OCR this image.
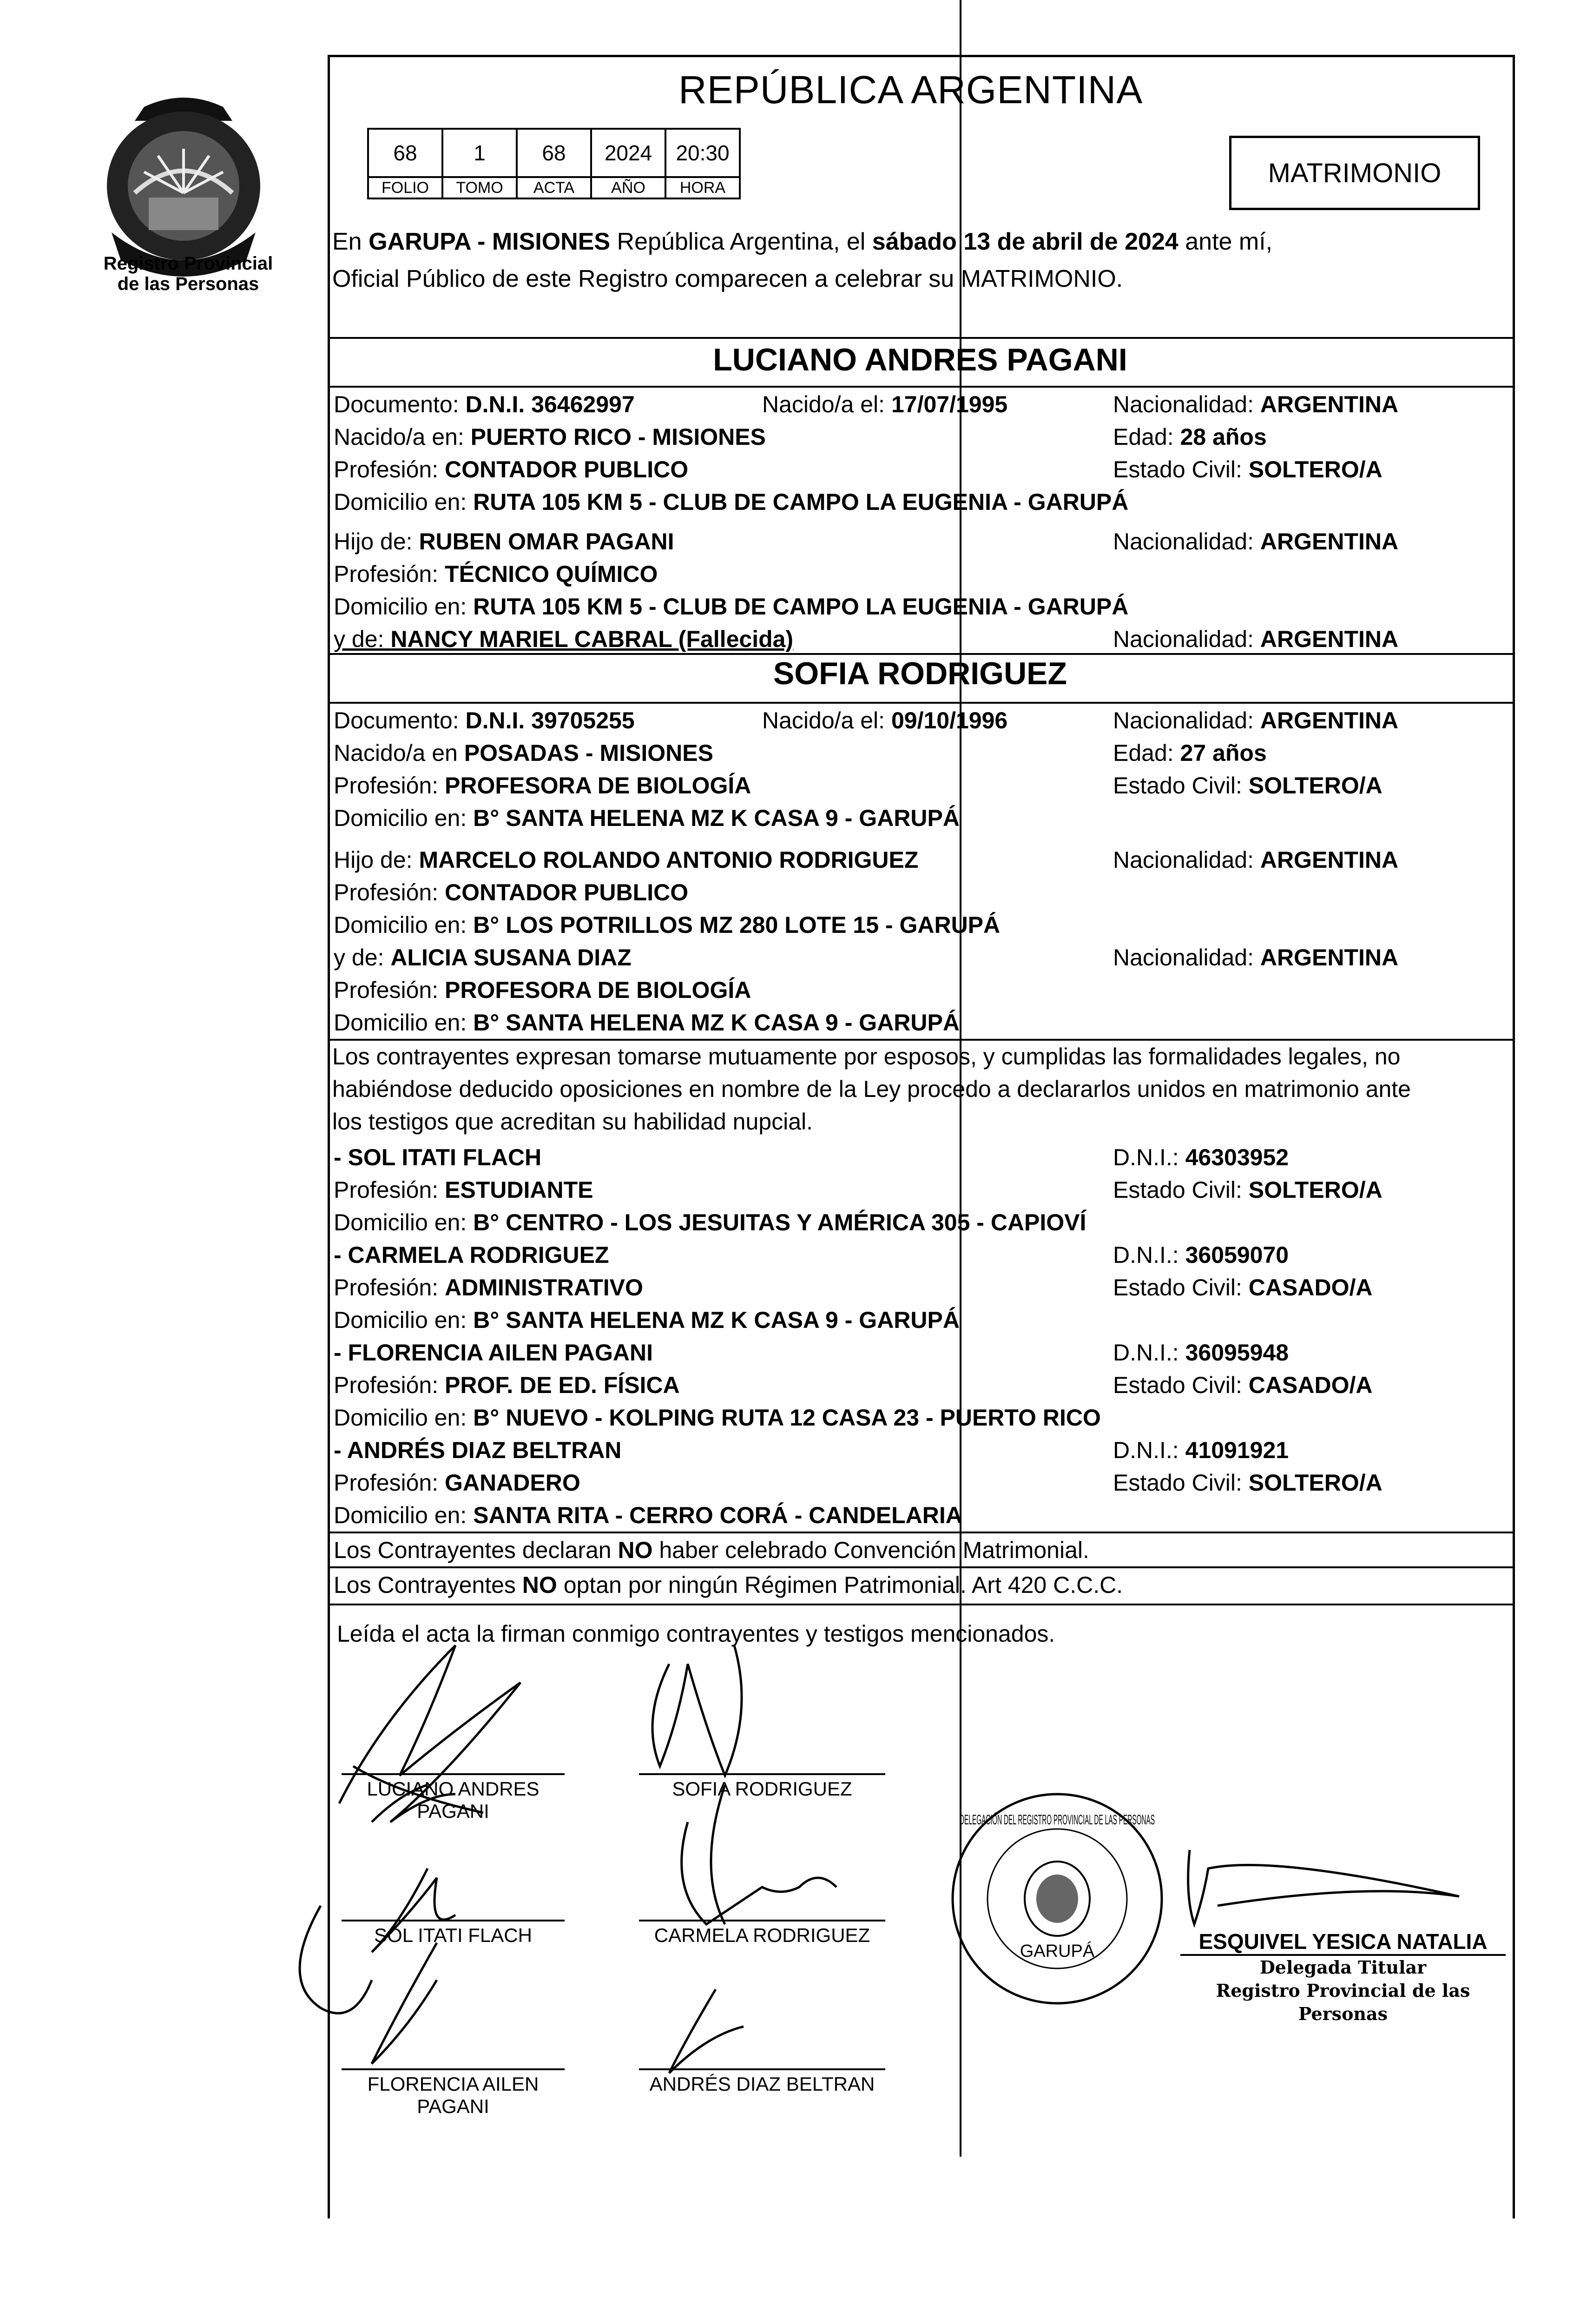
Registro Provincial
de las Personas
REPÚBLICA ARGENTINA
68	1	68	2024	20:30
FOLIO	TOMO	ACTA	AÑO	HORA	MATRIMONIO
En GARUPA - MISIONES República Argentina, el sábado 13 de abril de 2024 ante mí,
Oficial Público de este Registro comparecen a celebrar su MATRIMONIO.
LUCIANO ANDRES PAGANI
Documento: D.N.I. 36462997	Nacido/a el: 17/07/1995	Nacionalidad: ARGENTINA
Nacido/a en: PUERTO RICO - MISIONES	Edad: 28 años
Profesión: CONTADOR PUBLICO	Estado Civil: SOLTERO/A
Domicilio en: RUTA 105 KM 5 - CLUB DE CAMPO LA EUGENIA - GARUPÁ
Hijo de: RUBEN OMAR PAGANI	Nacionalidad: ARGENTINA
Profesión: TÉCNICO QUÍMICO
Domicilio en: RUTA 105 KM 5 - CLUB DE CAMPO LA EUGENIA - GARUPÁ
y de: NANCY MARIEL CABRAL (Fallecida)	Nacionalidad: ARGENTINA
SOFIA RODRIGUEZ
Documento: D.N.I. 39705255	Nacido/a el: 09/10/1996	Nacionalidad: ARGENTINA
Nacido/a en POSADAS - MISIONES	Edad: 27 años
Profesión: PROFESORA DE BIOLOGÍA	Estado Civil: SOLTERO/A
Domicilio en: B° SANTA HELENA MZ K CASA 9 - GARUPÁ
Hijo de: MARCELO ROLANDO ANTONIO RODRIGUEZ	Nacionalidad: ARGENTINA
Profesión: CONTADOR PUBLICO
Domicilio en: B° LOS POTRILLOS MZ 280 LOTE 15 - GARUPÁ
y de: ALICIA SUSANA DIAZ	Nacionalidad: ARGENTINA
Profesión: PROFESORA DE BIOLOGÍA
Domicilio en: B° SANTA HELENA MZ K CASA 9 - GARUPÁ
Los contrayentes expresan tomarse mutuamente por esposos, y cumplidas las formalidades legales, no
habiéndose deducido oposiciones en nombre de la Ley procedo a declararlos unidos en matrimonio ante
los testigos que acreditan su habilidad nupcial.
- SOL ITATI FLACH	D.N.I.: 46303952
Profesión: ESTUDIANTE	Estado Civil: SOLTERO/A
Domicilio en: B° CENTRO - LOS JESUITAS Y AMÉRICA 305 - CAPIOVÍ
- CARMELA RODRIGUEZ	D.N.I.: 36059070
Profesión: ADMINISTRATIVO	Estado Civil: CASADO/A
Domicilio en: B° SANTA HELENA MZ K CASA 9 - GARUPÁ
- FLORENCIA AILEN PAGANI	D.N.I.: 36095948
Profesión: PROF. DE ED. FÍSICA	Estado Civil: CASADO/A
Domicilio en: B° NUEVO - KOLPING RUTA 12 CASA 23 - PUERTO RICO
- ANDRÉS DIAZ BELTRAN	D.N.I.: 41091921
Profesión: GANADERO	Estado Civil: SOLTERO/A
Domicilio en: SANTA RITA - CERRO CORÁ - CANDELARIA
Los Contrayentes declaran NO haber celebrado Convención Matrimonial.
Los Contrayentes NO optan por ningún Régimen Patrimonial. Art 420 C.C.C.
Leída el acta la firman conmigo contrayentes y testigos mencionados.
LUCIANO ANDRES
PAGANI
SOFIA RODRIGUEZ
SOL ITATI FLACH	CARMELA RODRIGUEZ
FLORENCIA AILEN
PAGANI
ANDRÉS DIAZ BELTRAN
GARUPÁ
DELEGACIÓN DEL REGISTRO PROVINCIAL DE LAS PERSONAS
ESQUIVEL YESICA NATALIA
Delegada Titular
Registro Provincial de las Personas
